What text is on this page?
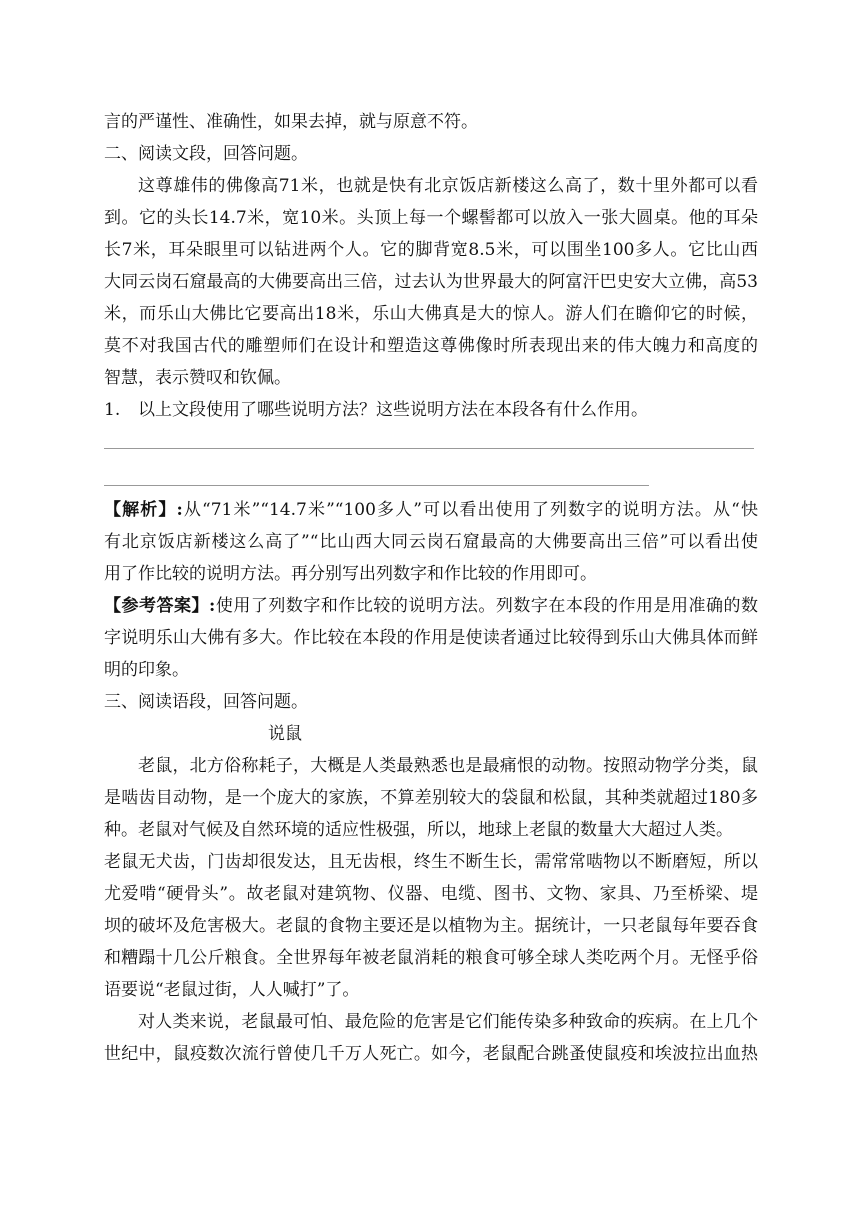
言的严谨性、准确性，如果去掉，就与原意不符。
二、阅读文段，回答问题。
这尊雄伟的佛像高71米，也就是快有北京饭店新楼这么高了，数十里外都可以看
到。它的头长14.7米，宽10米。头顶上每一个螺髻都可以放入一张大圆桌。他的耳朵
长7米，耳朵眼里可以钻进两个人。它的脚背宽8.5米，可以围坐100多人。它比山西
大同云岗石窟最高的大佛要高出三倍，过去认为世界最大的阿富汗巴史安大立佛，高53
米，而乐山大佛比它要高出18米，乐山大佛真是大的惊人。游人们在瞻仰它的时候，
莫不对我国古代的雕塑师们在设计和塑造这尊佛像时所表现出来的伟大魄力和高度的
智慧，表示赞叹和钦佩。
1. 以上文段使用了哪些说明方法？这些说明方法在本段各有什么作用。
【解析】:从“71米”“14.7米”“100多人”可以看出使用了列数字的说明方法。从“快
有北京饭店新楼这么高了”“比山西大同云岗石窟最高的大佛要高出三倍”可以看出使
用了作比较的说明方法。再分别写出列数字和作比较的作用即可。
【参考答案】:使用了列数字和作比较的说明方法。列数字在本段的作用是用准确的数
字说明乐山大佛有多大。作比较在本段的作用是使读者通过比较得到乐山大佛具体而鲜
明的印象。
三、阅读语段，回答问题。
说鼠
老鼠，北方俗称耗子，大概是人类最熟悉也是最痛恨的动物。按照动物学分类，鼠
是啮齿目动物，是一个庞大的家族，不算差别较大的袋鼠和松鼠，其种类就超过180多
种。老鼠对气候及自然环境的适应性极强，所以，地球上老鼠的数量大大超过人类。
老鼠无犬齿，门齿却很发达，且无齿根，终生不断生长，需常常啮物以不断磨短，所以
尤爱啃“硬骨头”。故老鼠对建筑物、仪器、电缆、图书、文物、家具、乃至桥梁、堤
坝的破坏及危害极大。老鼠的食物主要还是以植物为主。据统计，一只老鼠每年要吞食
和糟蹋十几公斤粮食。全世界每年被老鼠消耗的粮食可够全球人类吃两个月。无怪乎俗
语要说“老鼠过街，人人喊打”了。
对人类来说，老鼠最可怕、最危险的危害是它们能传染多种致命的疾病。在上几个
世纪中，鼠疫数次流行曾使几千万人死亡。如今，老鼠配合跳蚤使鼠疫和埃波拉出血热
